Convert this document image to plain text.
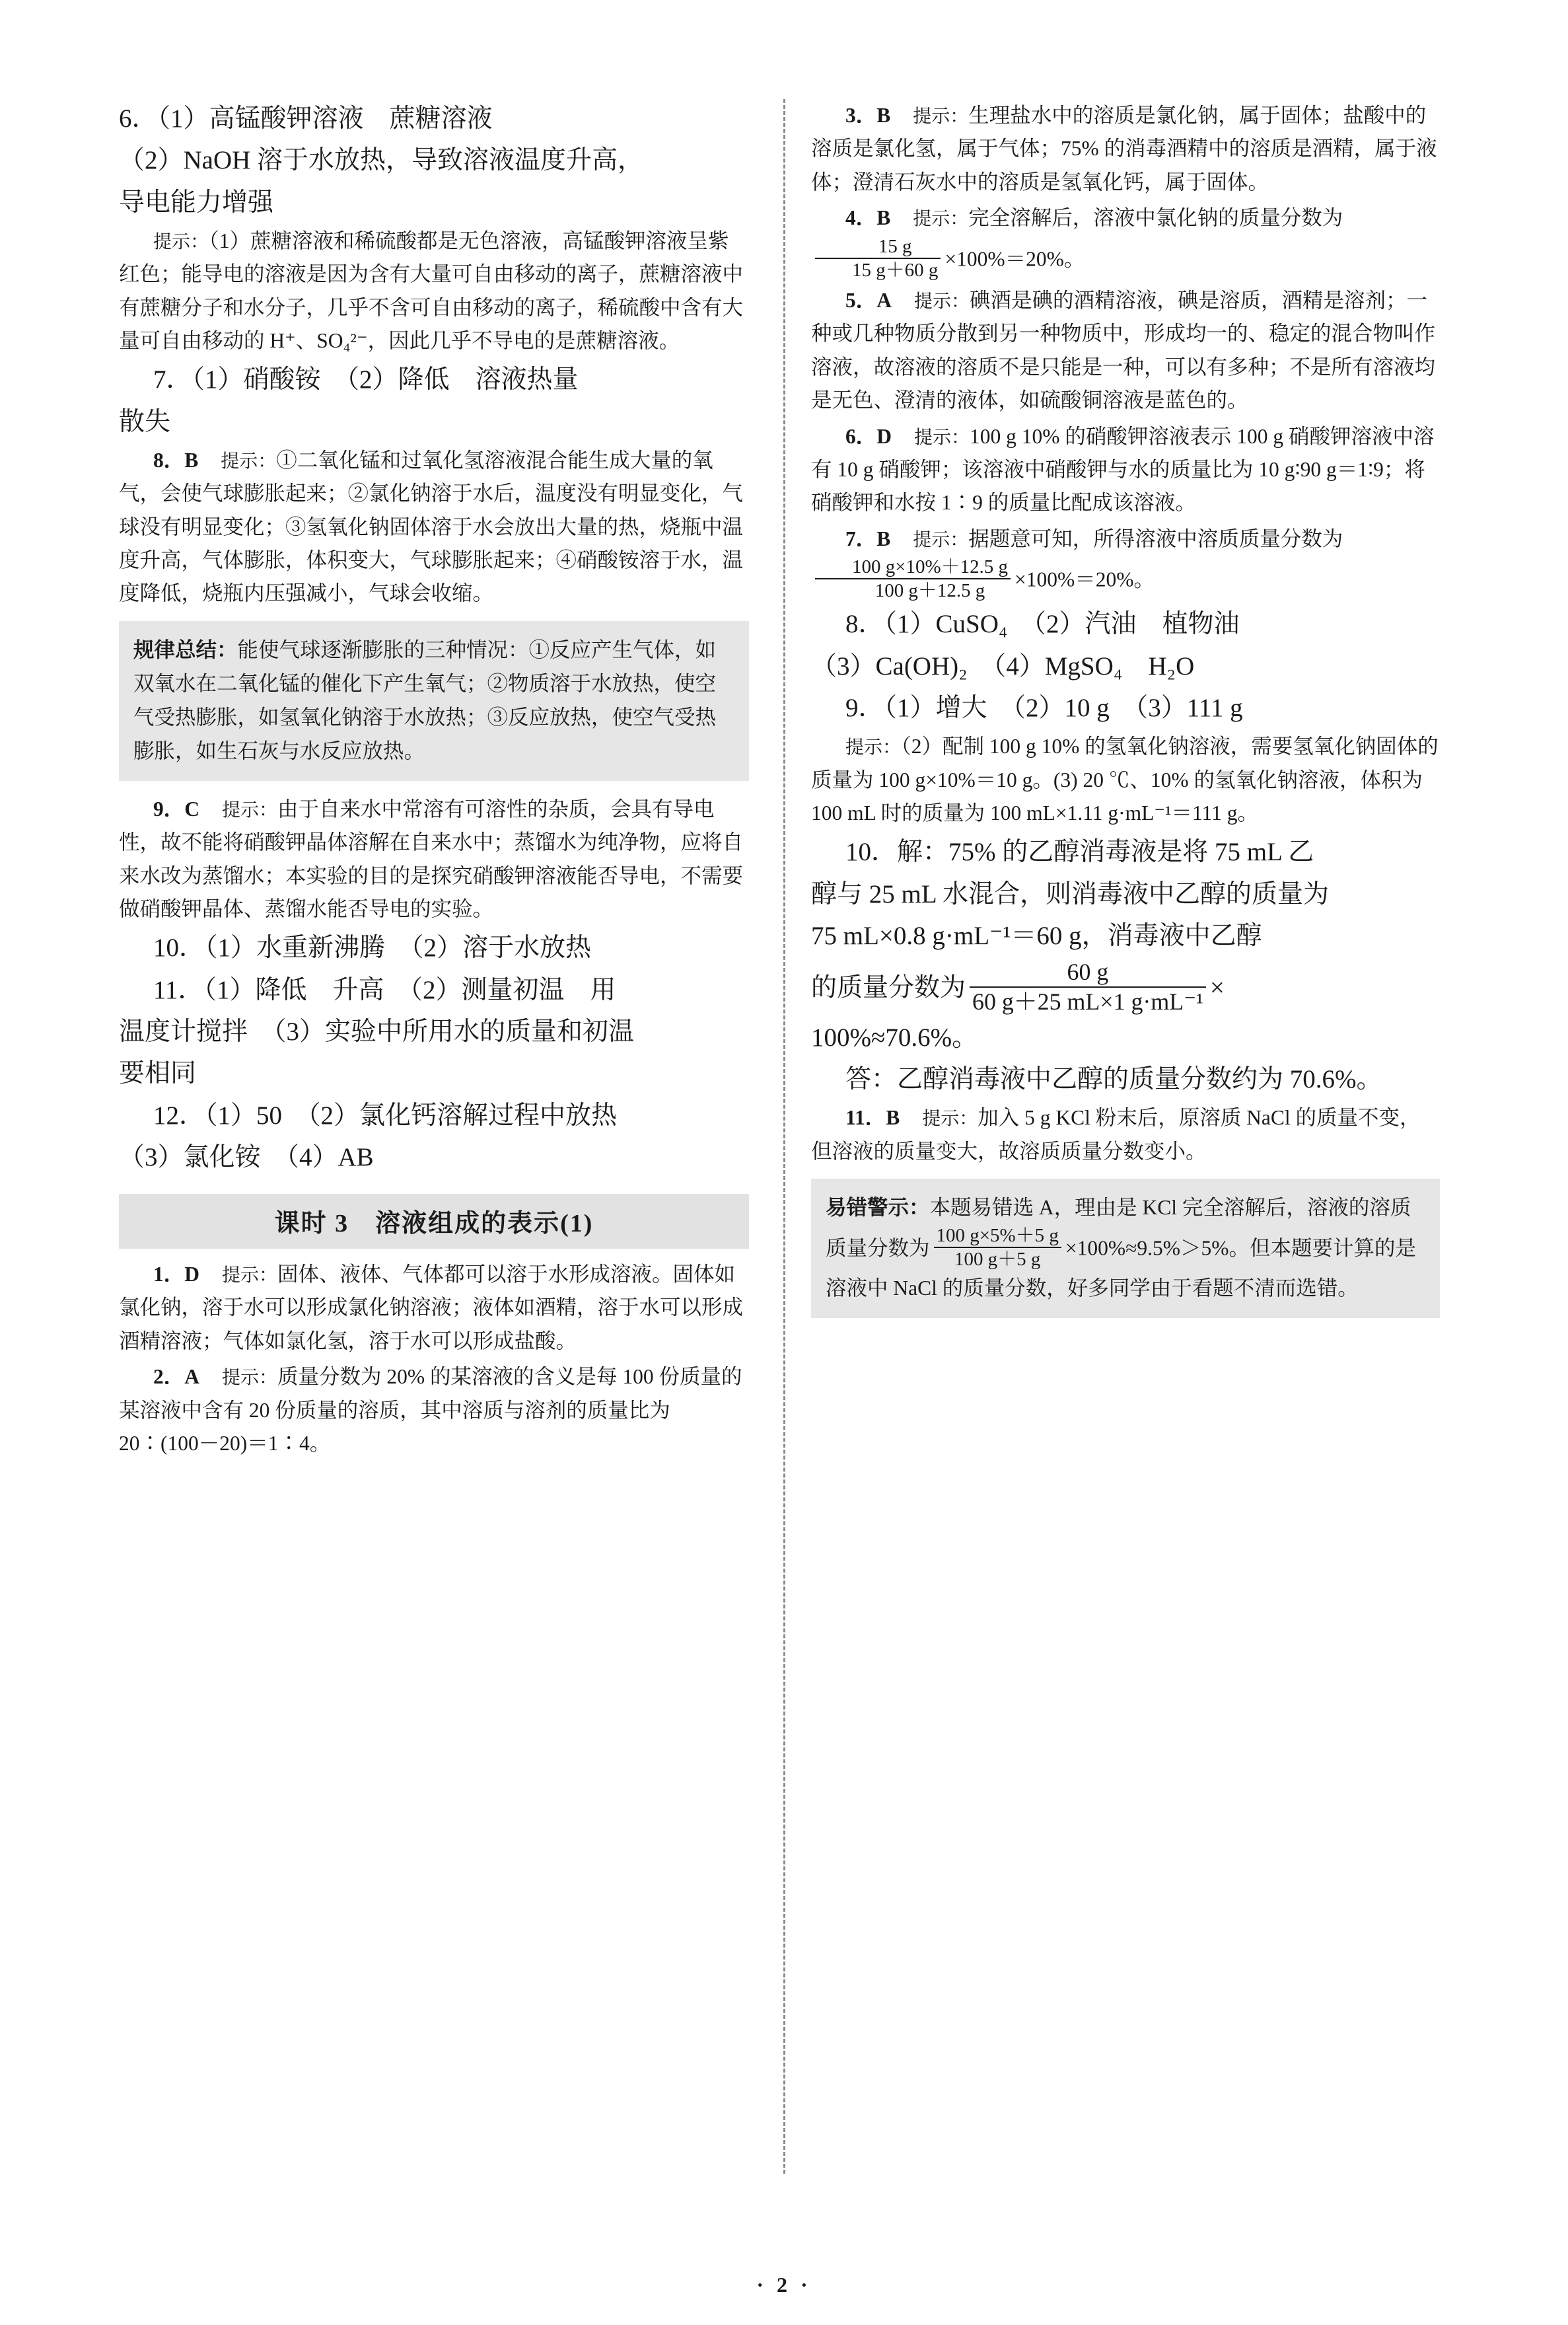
6．（1）高锰酸钾溶液　蔗糖溶液
（2）NaOH 溶于水放热，导致溶液温度升高，
导电能力增强
提示：（1）蔗糖溶液和稀硫酸都是无色溶液，高锰酸钾溶液呈紫红色；能导电的溶液是因为含有大量可自由移动的离子，蔗糖溶液中有蔗糖分子和水分子，几乎不含可自由移动的离子，稀硫酸中含有大量可自由移动的 H⁺、SO₄²⁻，因此几乎不导电的是蔗糖溶液。
7．（1）硝酸铵　（2）降低　溶液热量
散失
8．B 提示：①二氧化锰和过氧化氢溶液混合能生成大量的氧气，会使气球膨胀起来；②氯化钠溶于水后，温度没有明显变化，气球没有明显变化；③氢氧化钠固体溶于水会放出大量的热，烧瓶中温度升高，气体膨胀，体积变大，气球膨胀起来；④硝酸铵溶于水，温度降低，烧瓶内压强减小，气球会收缩。

规律总结：能使气球逐渐膨胀的三种情况：①反应产生气体，如双氧水在二氧化锰的催化下产生氧气；②物质溶于水放热，使空气受热膨胀，如氢氧化钠溶于水放热；③反应放热，使空气受热膨胀，如生石灰与水反应放热。

9．C 提示：由于自来水中常溶有可溶性的杂质，会具有导电性，故不能将硝酸钾晶体溶解在自来水中；蒸馏水为纯净物，应将自来水改为蒸馏水；本实验的目的是探究硝酸钾溶液能否导电，不需要做硝酸钾晶体、蒸馏水能否导电的实验。
10．（1）水重新沸腾　（2）溶于水放热
11．（1）降低　升高　（2）测量初温　用
温度计搅拌　（3）实验中所用水的质量和初温
要相同
12．（1）50　（2）氯化钙溶解过程中放热
（3）氯化铵　（4）AB
课时 3　溶液组成的表示(1)
1．D 提示：固体、液体、气体都可以溶于水形成溶液。固体如氯化钠，溶于水可以形成氯化钠溶液；液体如酒精，溶于水可以形成酒精溶液；气体如氯化氢，溶于水可以形成盐酸。
2．A 提示：质量分数为 20% 的某溶液的含义是每 100 份质量的某溶液中含有 20 份质量的溶质，其中溶质与溶剂的质量比为 20∶(100－20)＝1∶4。
3．B 提示：生理盐水中的溶质是氯化钠，属于固体；盐酸中的溶质是氯化氢，属于气体；75% 的消毒酒精中的溶质是酒精，属于液体；澄清石灰水中的溶质是氢氧化钙，属于固体。
4．B 提示：完全溶解后，溶液中氯化钠的质量分数为
$\frac{15 g}{15 g+60 g} \times 100\%=20\%$。
5．A 提示：碘酒是碘的酒精溶液，碘是溶质，酒精是溶剂；一种或几种物质分散到另一种物质中，形成均一的、稳定的混合物叫作溶液，故溶液的溶质不是只能是一种，可以有多种；不是所有溶液均是无色、澄清的液体，如硫酸铜溶液是蓝色的。
6．D 提示：100 g 10% 的硝酸钾溶液表示 100 g 硝酸钾溶液中溶有 10 g 硝酸钾；该溶液中硝酸钾与水的质量比为 10 g∶90 g＝1∶9；将硝酸钾和水按 1∶9 的质量比配成该溶液。
7．B 提示：据题意可知，所得溶液中溶质质量分数为
$\frac{100 g\times 10\%+12.5 g}{100 g+12.5 g} \times 100\%=20\%$。
8．（1）CuSO₄　（2）汽油　植物油
（3）Ca(OH)₂　（4）MgSO₄　H₂O
9．（1）增大　（2）10 g　（3）111 g
提示：（2）配制 100 g 10% 的氢氧化钠溶液，需要氢氧化钠固体的质量为 100 g×10%＝10 g。(3) 20 ℃、10% 的氢氧化钠溶液，体积为 100 mL 时的质量为 100 mL×1.11 g·mL⁻¹＝111 g。
10．解：75% 的乙醇消毒液是将 75 mL 乙
醇与 25 mL 水混合，则消毒液中乙醇的质量为
75 mL×0.8 g·mL⁻¹＝60 g，消毒液中乙醇
的质量分数为 $\frac{60 g}{\text{60 g＋25 mL×1 g·mL⁻¹}}$ ×
100%≈70.6%。
答：乙醇消毒液中乙醇的质量分数约为 70.6%。
11．B 提示：加入 5 g KCl 粉末后，原溶质 NaCl 的质量不变，但溶液的质量变大，故溶质质量分数变小。

易错警示：本题易错选 A，理由是 KCl 完全溶解后，溶液的溶质质量分数为 $\frac{100 g\times 5\%+5 g}{100 g+5 g} \times 100\%\approx 9.5\%>5\%$。但本题要计算的是溶液中 NaCl 的质量分数，好多同学由于看题不清而选错。

· 2 ·
